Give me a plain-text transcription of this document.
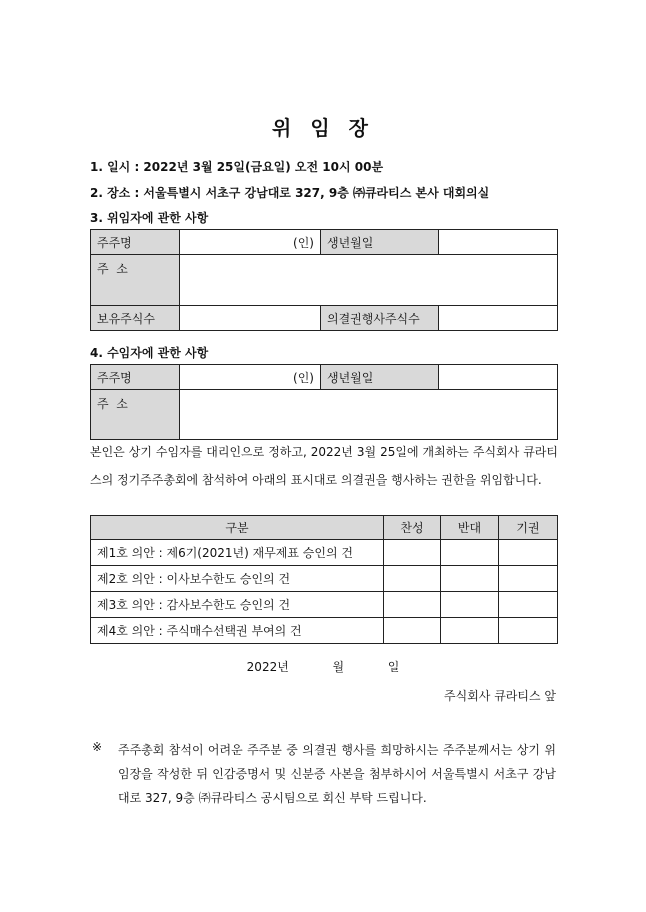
위 임 장
1. 일시 : 2022년 3월 25일(금요일) 오전 10시 00분
2. 장소 : 서울특별시 서초구 강남대로 327, 9층 ㈜큐라티스 본사 대회의실
3. 위임자에 관한 사항
주주명	(인)	생년월일	
주  소			
보유주식수		의결권행사주식수	
4. 수임자에 관한 사항
주주명	(인)	생년월일	
주  소			
본인은 상기 수임자를 대리인으로 정하고, 2022년 3월 25일에 개최하는 주식회사 큐라티스의 정기주주총회에 참석하여 아래의 표시대로 의결권을 행사하는 권한을 위임합니다.
구분	찬성	반대	기권
제1호 의안 : 제6기(2021년) 재무제표 승인의 건			
제2호 의안 : 이사보수한도 승인의 건			
제3호 의안 : 감사보수한도 승인의 건			
제4호 의안 : 주식매수선택권 부여의 건			
2022년	월	일
주식회사 큐라티스 앞
※ 주주총회 참석이 어려운 주주분 중 의결권 행사를 희망하시는 주주분께서는 상기 위임장을 작성한 뒤 인감증명서 및 신분증 사본을 첨부하시어 서울특별시 서초구 강남대로 327, 9층 ㈜큐라티스 공시팀으로 회신 부탁 드립니다.
